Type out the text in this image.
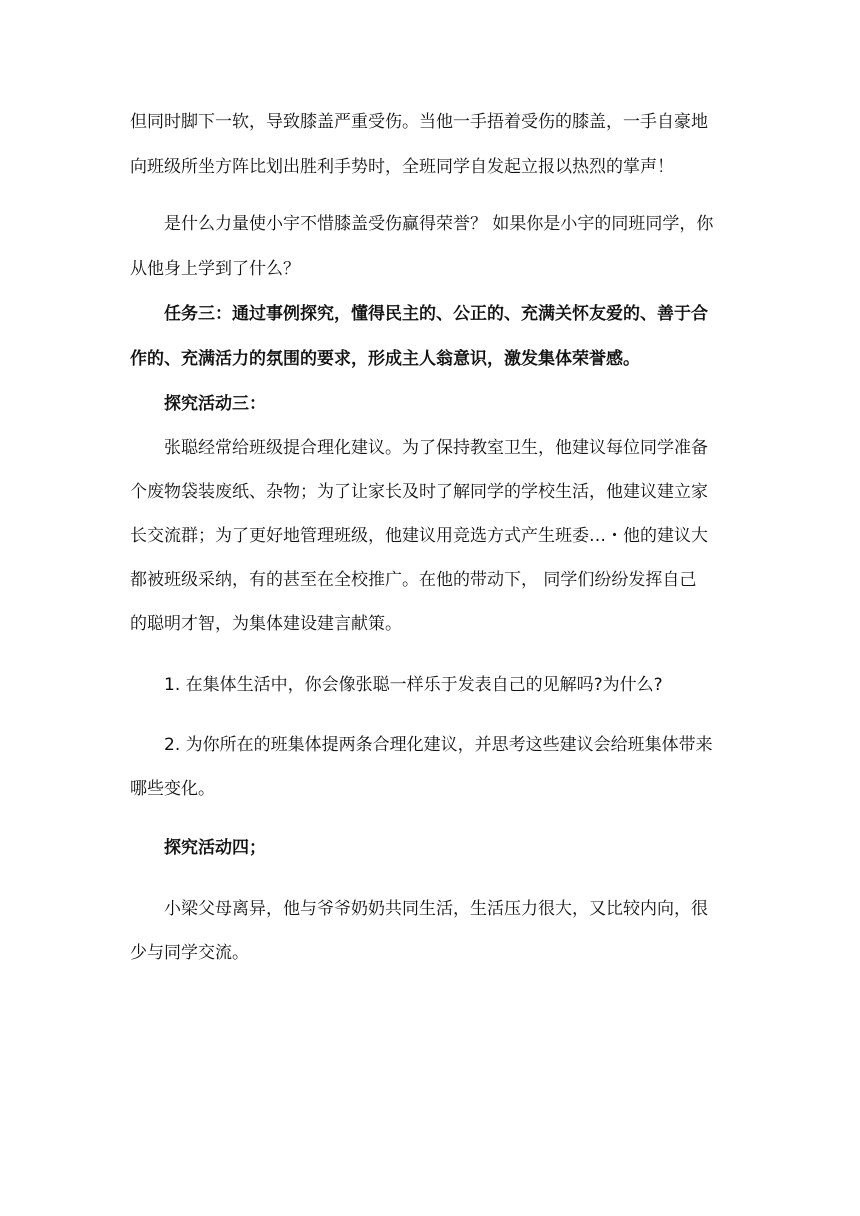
但同时脚下一软，导致膝盖严重受伤。当他一手捂着受伤的膝盖，一手自豪地
向班级所坐方阵比划出胜利手势时，全班同学自发起立报以热烈的掌声！
是什么力量使小宇不惜膝盖受伤赢得荣誉？ 如果你是小宇的同班同学，你
从他身上学到了什么？
任务三：通过事例探究，懂得民主的、公正的、充满关怀友爱的、善于合
作的、充满活力的氛围的要求，形成主人翁意识，激发集体荣誉感。
探究活动三：
张聪经常给班级提合理化建议。为了保持教室卫生，他建议每位同学准备
个废物袋装废纸、杂物；为了让家长及时了解同学的学校生活，他建议建立家
长交流群；为了更好地管理班级，他建议用竞选方式产生班委…・他的建议大
都被班级采纳，有的甚至在全校推广。在他的带动下， 同学们纷纷发挥自己
的聪明才智，为集体建设建言献策。
1. 在集体生活中，你会像张聪一样乐于发表自己的见解吗?为什么?
2. 为你所在的班集体提两条合理化建议，并思考这些建议会给班集体带来
哪些变化。
探究活动四；
小梁父母离异，他与爷爷奶奶共同生活，生活压力很大，又比较内向，很
少与同学交流。
